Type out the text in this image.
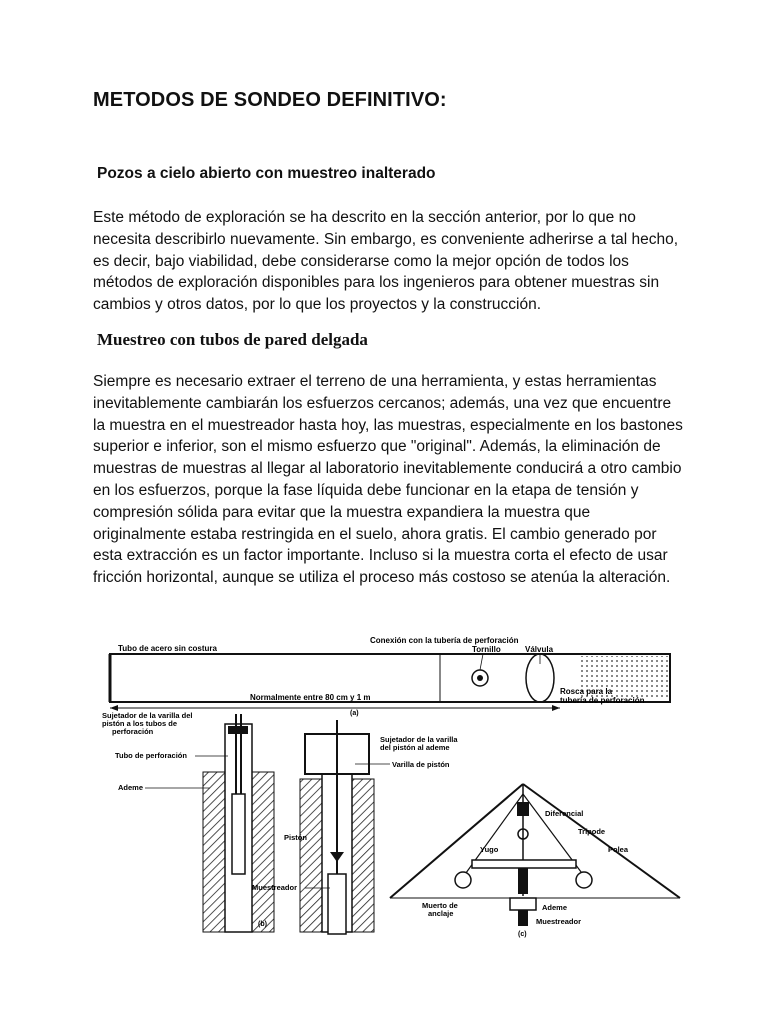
METODOS DE SONDEO DEFINITIVO:
Pozos a cielo abierto con muestreo inalterado
Este método de exploración se ha descrito en la sección anterior, por lo que no necesita describirlo nuevamente. Sin embargo, es conveniente adherirse a tal hecho, es decir, bajo viabilidad, debe considerarse como la mejor opción de todos los métodos de exploración disponibles para los ingenieros para obtener muestras sin cambios y otros datos, por lo que los proyectos y la construcción.
Muestreo con tubos de pared delgada
Siempre es necesario extraer el terreno de una herramienta, y estas herramientas inevitablemente cambiarán los esfuerzos cercanos; además, una vez que encuentre la muestra en el muestreador hasta hoy, las muestras, especialmente en los bastones superior e inferior, son el mismo esfuerzo que "original". Además, la eliminación de muestras de muestras al llegar al laboratorio inevitablemente conducirá a otro cambio en los esfuerzos, porque la fase líquida debe funcionar en la etapa de tensión y compresión sólida para evitar que la muestra expandiera la muestra que originalmente estaba restringida en el suelo, ahora gratis. El cambio generado por esta extracción es un factor importante. Incluso si la muestra corta el efecto de usar fricción horizontal, aunque se utiliza el proceso más costoso se atenúa la alteración.
Tubo de acero sin costura
Conexión con la tubería de perforación
Tornillo	Válvula
Normalmente entre 80 cm y 1 m
Rosca para la
tubería de perforación
(a)
Sujetador de la varilla del
pistón a los tubos de
perforación
Tubo de perforación
Ademe
Pistón
Muestreador
Sujetador de la varilla
del pistón al ademe
Varilla de pistón
(b)
Diferencial
Trípode
Polea
Yugo
Muerto de
anclaje
Ademe
Muestreador
(c)
